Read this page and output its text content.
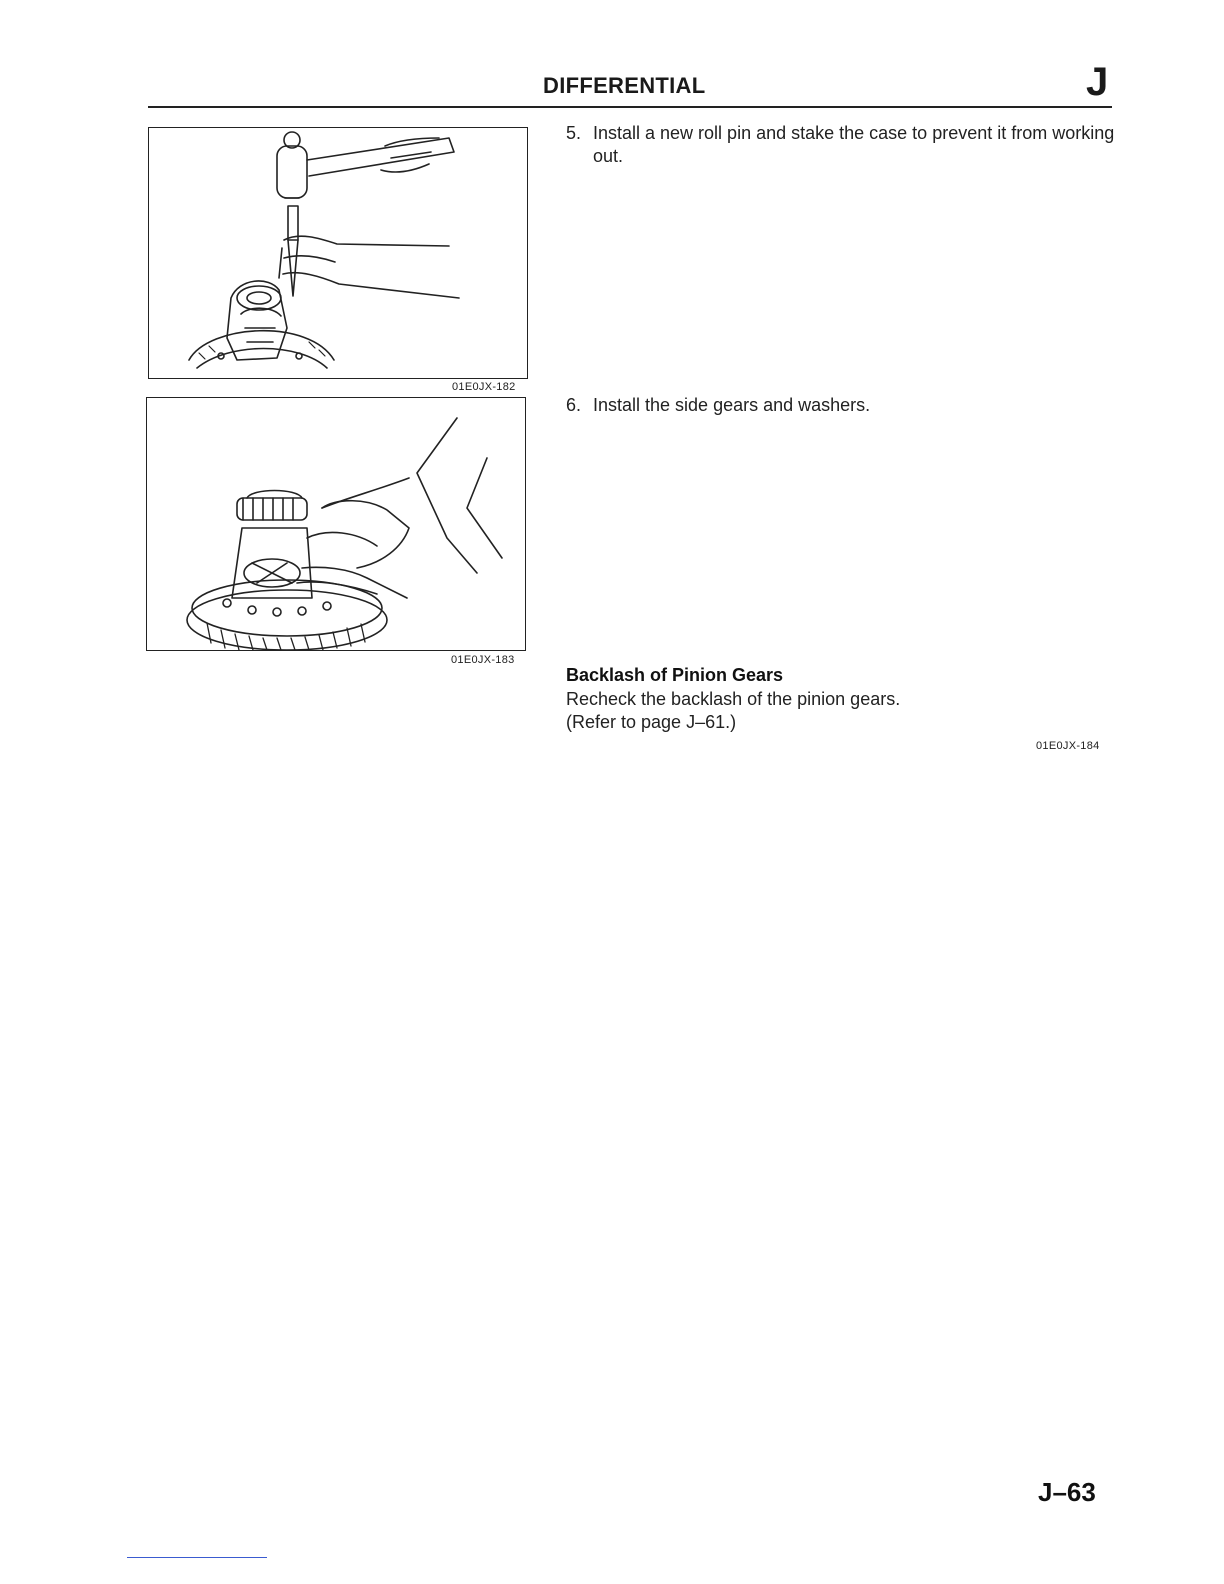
DIFFERENTIAL	J
01E0JX-182
01E0JX-183
5. Install a new roll pin and stake the case to prevent it from working out.
6. Install the side gears and washers.
Backlash of Pinion Gears
Recheck the backlash of the pinion gears.
(Refer to page J–61.)
01E0JX-184
J–63
